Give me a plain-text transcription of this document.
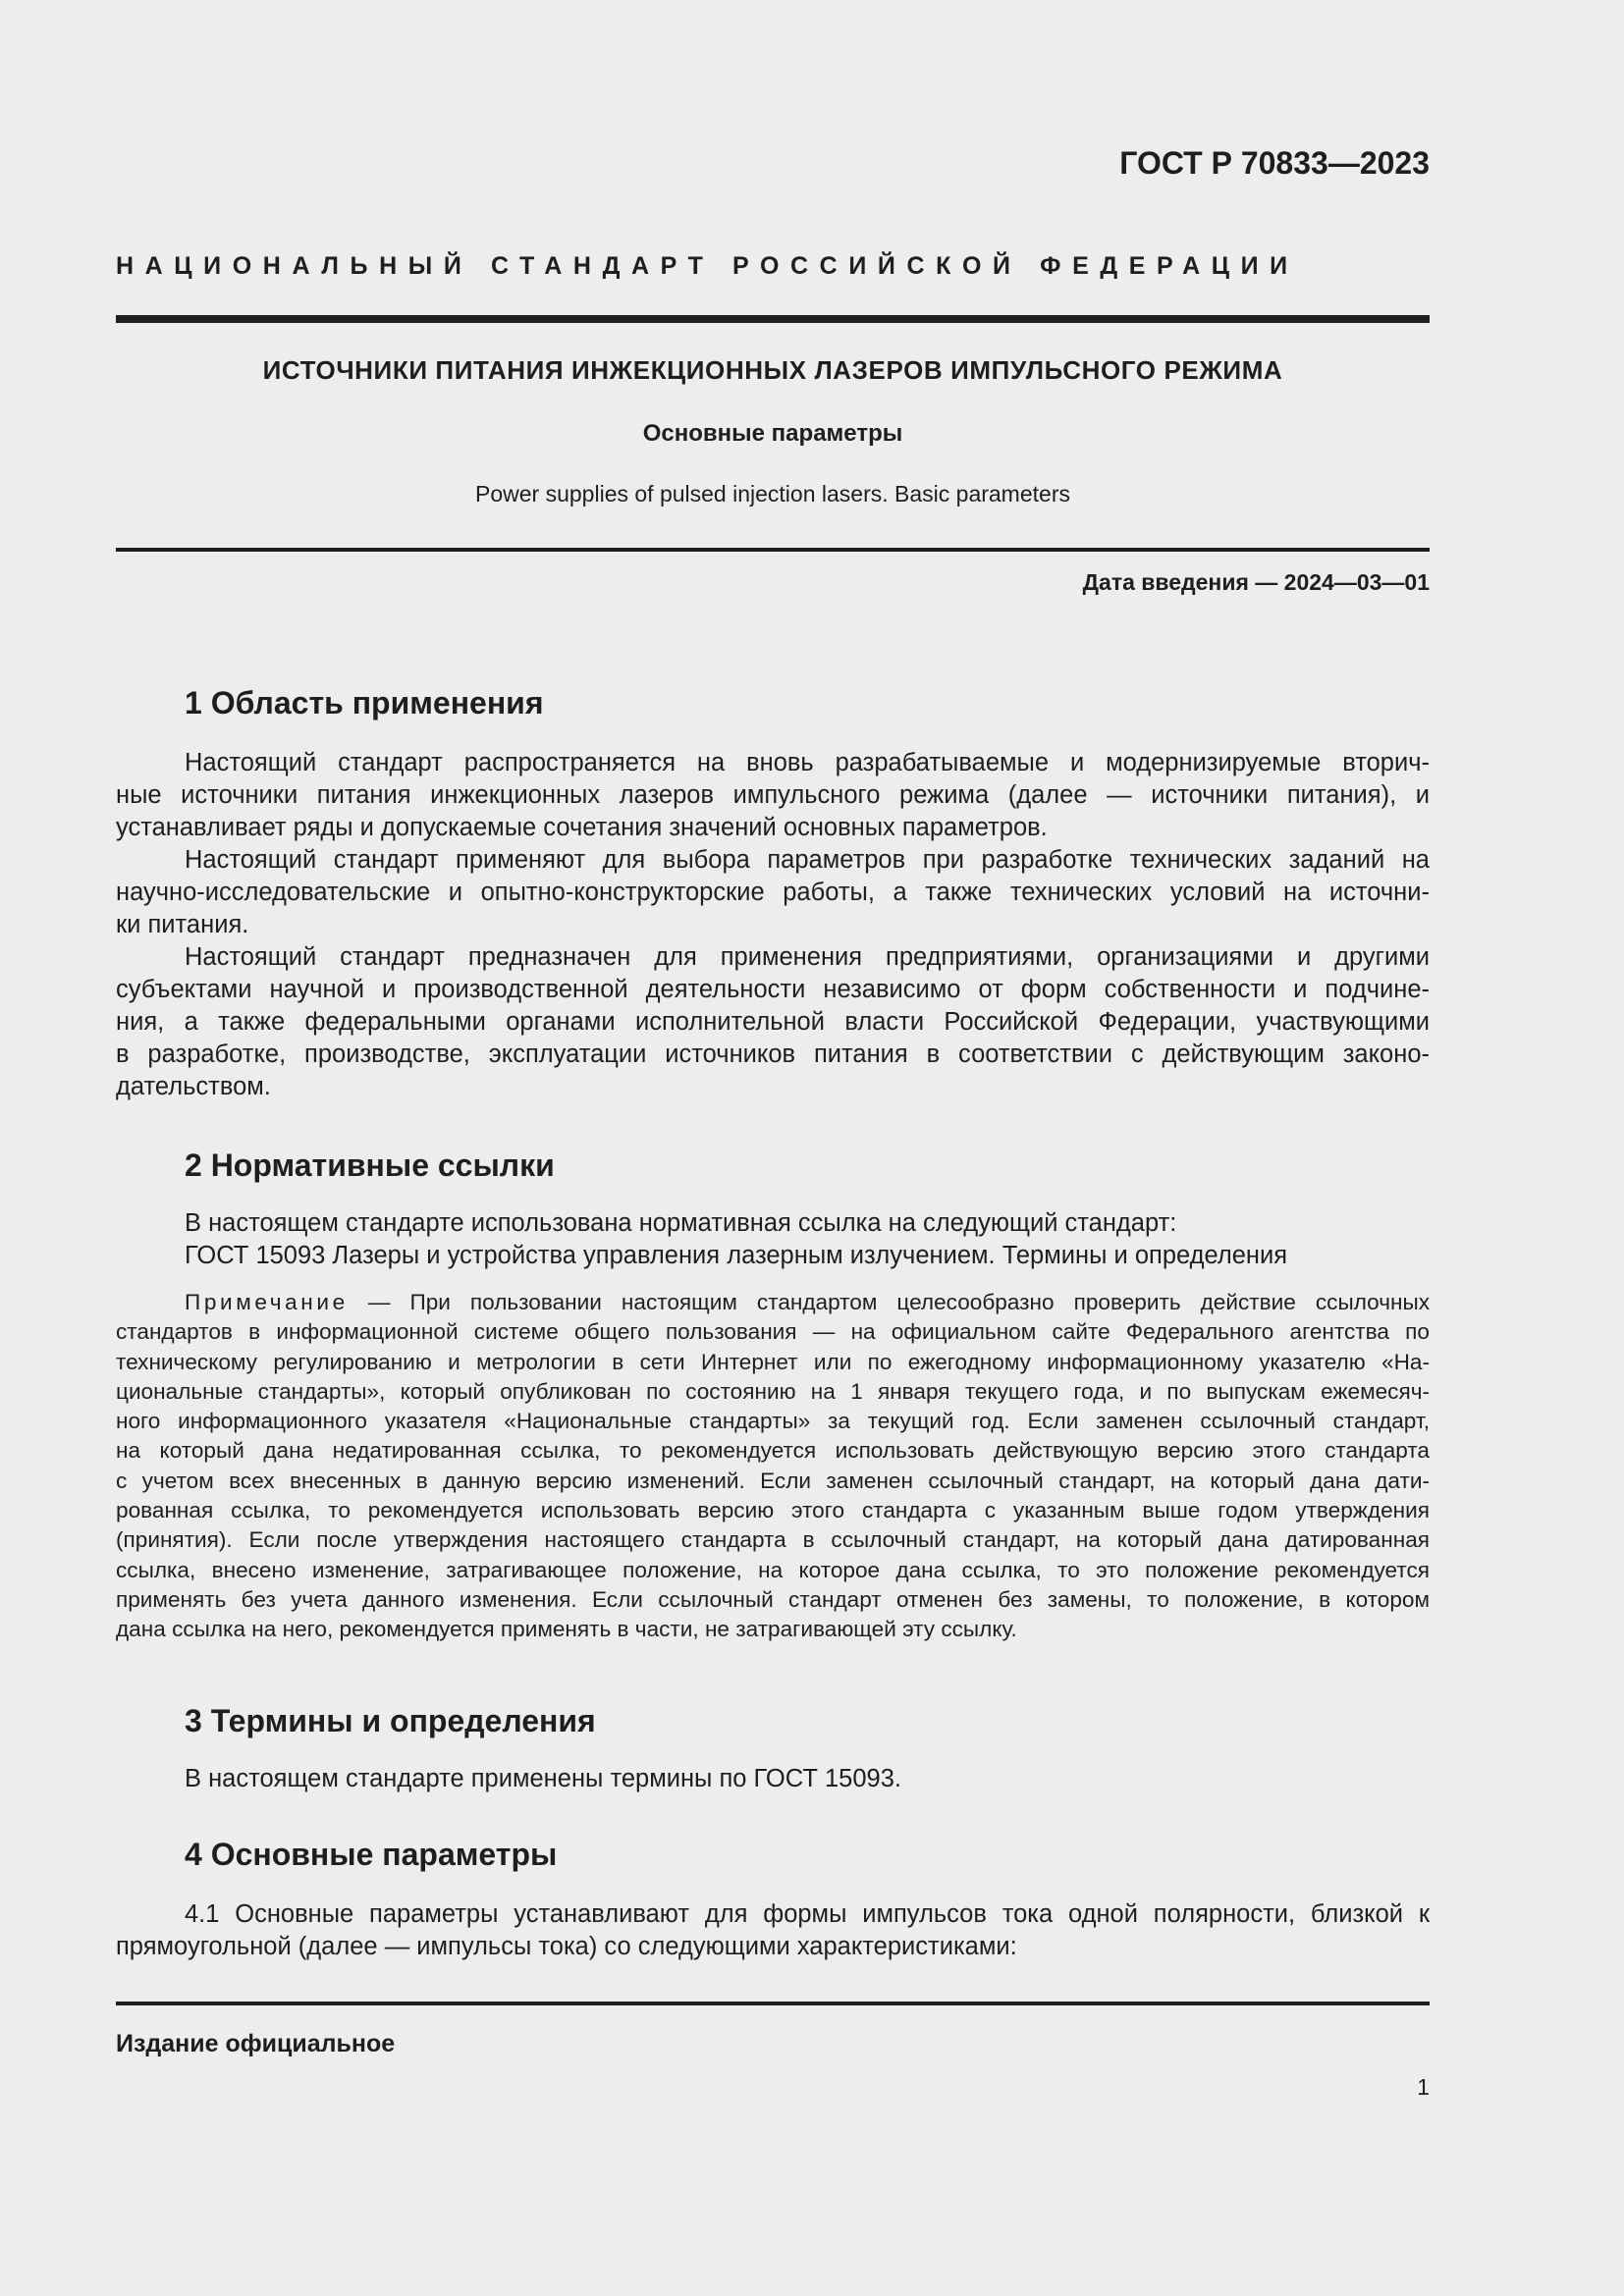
ГОСТ Р 70833—2023
НАЦИОНАЛЬНЫЙ СТАНДАРТ РОССИЙСКОЙ ФЕДЕРАЦИИ
ИСТОЧНИКИ ПИТАНИЯ ИНЖЕКЦИОННЫХ ЛАЗЕРОВ ИМПУЛЬСНОГО РЕЖИМА
Основные параметры
Power supplies of pulsed injection lasers. Basic parameters
Дата введения — 2024—03—01
1 Область применения

Настоящий стандарт распространяется на вновь разрабатываемые и модернизируемые вторич-
ные источники питания инжекционных лазеров импульсного режима (далее — источники питания), и
устанавливает ряды и допускаемые сочетания значений основных параметров.

Настоящий стандарт применяют для выбора параметров при разработке технических заданий на
научно-исследовательские и опытно-конструкторские работы, а также технических условий на источни-
ки питания.

Настоящий стандарт предназначен для применения предприятиями, организациями и другими
субъектами научной и производственной деятельности независимо от форм собственности и подчине-
ния, а также федеральными органами исполнительной власти Российской Федерации, участвующими
в разработке, производстве, эксплуатации источников питания в соответствии с действующим законо-
дательством.

2 Нормативные ссылки

В настоящем стандарте использована нормативная ссылка на следующий стандарт:

ГОСТ 15093 Лазеры и устройства управления лазерным излучением. Термины и определения

Примечание — При пользовании настоящим стандартом целесообразно проверить действие ссылочных
стандартов в информационной системе общего пользования — на официальном сайте Федерального агентства по
техническому регулированию и метрологии в сети Интернет или по ежегодному информационному указателю «На-
циональные стандарты», который опубликован по состоянию на 1 января текущего года, и по выпускам ежемесяч-
ного информационного указателя «Национальные стандарты» за текущий год. Если заменен ссылочный стандарт,
на который дана недатированная ссылка, то рекомендуется использовать действующую версию этого стандарта
с учетом всех внесенных в данную версию изменений. Если заменен ссылочный стандарт, на который дана дати-
рованная ссылка, то рекомендуется использовать версию этого стандарта с указанным выше годом утверждения
(принятия). Если после утверждения настоящего стандарта в ссылочный стандарт, на который дана датированная
ссылка, внесено изменение, затрагивающее положение, на которое дана ссылка, то это положение рекомендуется
применять без учета данного изменения. Если ссылочный стандарт отменен без замены, то положение, в котором
дана ссылка на него, рекомендуется применять в части, не затрагивающей эту ссылку.

3 Термины и определения

В настоящем стандарте применены термины по ГОСТ 15093.

4 Основные параметры

4.1 Основные параметры устанавливают для формы импульсов тока одной полярности, близкой к
прямоугольной (далее — импульсы тока) со следующими характеристиками:

Издание официальное
1
